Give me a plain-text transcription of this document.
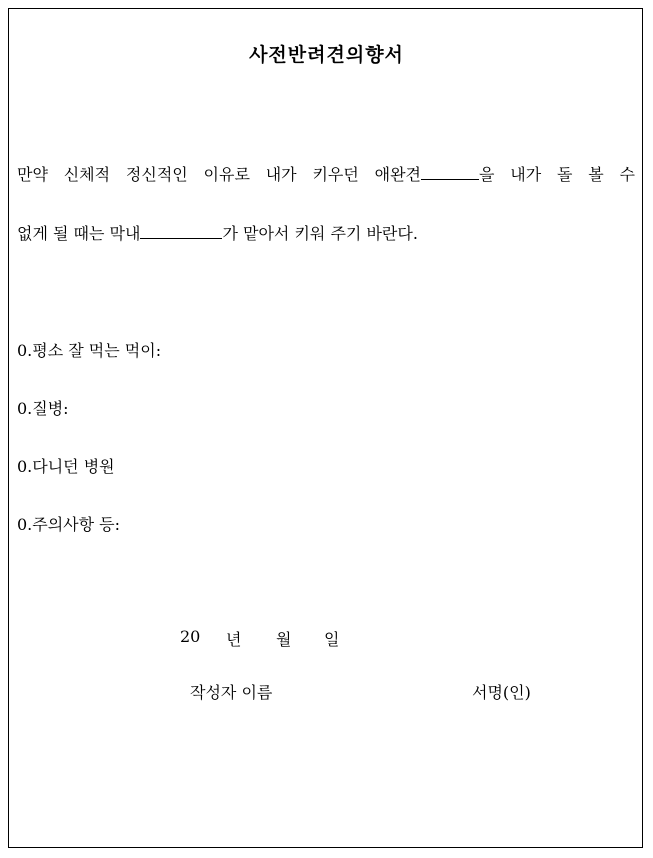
사전반려견의향서
만약 신체적 정신적인 이유로 내가 키우던 애완견	을 내가 돌 볼 수
없게 될 때는 막내	가 맡아서 키워 주기 바란다.
0.평소 잘 먹는 먹이:
0.질병:
0.다니던 병원
0.주의사항 등:
20 년 월 일
작성자 이름	서명(인)
